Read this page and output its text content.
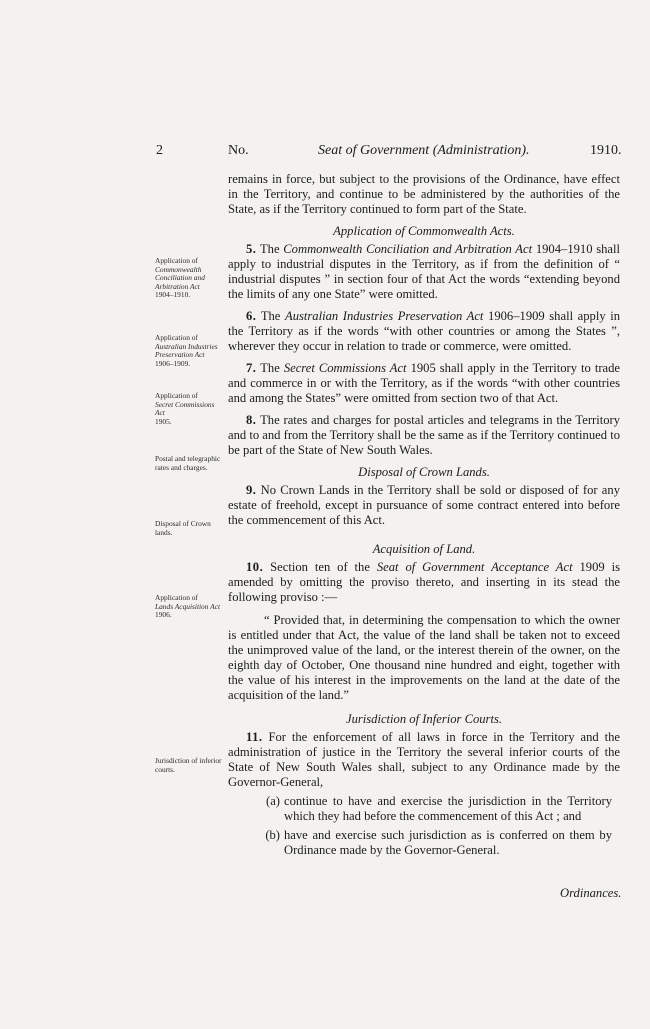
2	No.	Seat of Government (Administration).	1910.
Application of
Commonwealth Conciliation and Arbitration Act
1904–1910.
Application of
Australian Industries Preservation Act
1906–1909.
Application of
Secret Commissions Act
1905.
Postal and telegraphic rates and charges.
Disposal of Crown lands.
Application of
Lands Acquisition Act
1906.
Jurisdiction of inferior courts.

remains in force, but subject to the provisions of the Ordinance, have effect in the Territory, and continue to be administered by the authorities of the State, as if the Territory continued to form part of the State.

Application of Commonwealth Acts.

5. The Commonwealth Conciliation and Arbitration Act 1904–1910 shall apply to industrial disputes in the Territory, as if from the definition of “ industrial disputes ” in section four of that Act the words “extending beyond the limits of any one State” were omitted.

6. The Australian Industries Preservation Act 1906–1909 shall apply in the Territory as if the words “with other countries or among the States ”, wherever they occur in relation to trade or commerce, were omitted.

7. The Secret Commissions Act 1905 shall apply in the Territory to trade and commerce in or with the Territory, as if the words “with other countries and among the States” were omitted from section two of that Act.

8. The rates and charges for postal articles and telegrams in the Territory and to and from the Territory shall be the same as if the Territory continued to be part of the State of New South Wales.

Disposal of Crown Lands.

9. No Crown Lands in the Territory shall be sold or disposed of for any estate of freehold, except in pursuance of some contract entered into before the commencement of this Act.

Acquisition of Land.

10. Section ten of the Seat of Government Acceptance Act 1909 is amended by omitting the proviso thereto, and inserting in its stead the following proviso :—

“ Provided that, in determining the compensation to which the owner is entitled under that Act, the value of the land shall be taken not to exceed the unimproved value of the land, or the interest therein of the owner, on the eighth day of October, One thousand nine hundred and eight, together with the value of his interest in the improvements on the land at the date of the acquisition of the land.”

Jurisdiction of Inferior Courts.

11. For the enforcement of all laws in force in the Territory and the administration of justice in the Territory the several inferior courts of the State of New South Wales shall, subject to any Ordinance made by the Governor-General,

(a) continue to have and exercise the jurisdiction in the Territory which they had before the commencement of this Act ; and
(b) have and exercise such jurisdiction as is conferred on them by Ordinance made by the Governor-General.
Ordinances.
